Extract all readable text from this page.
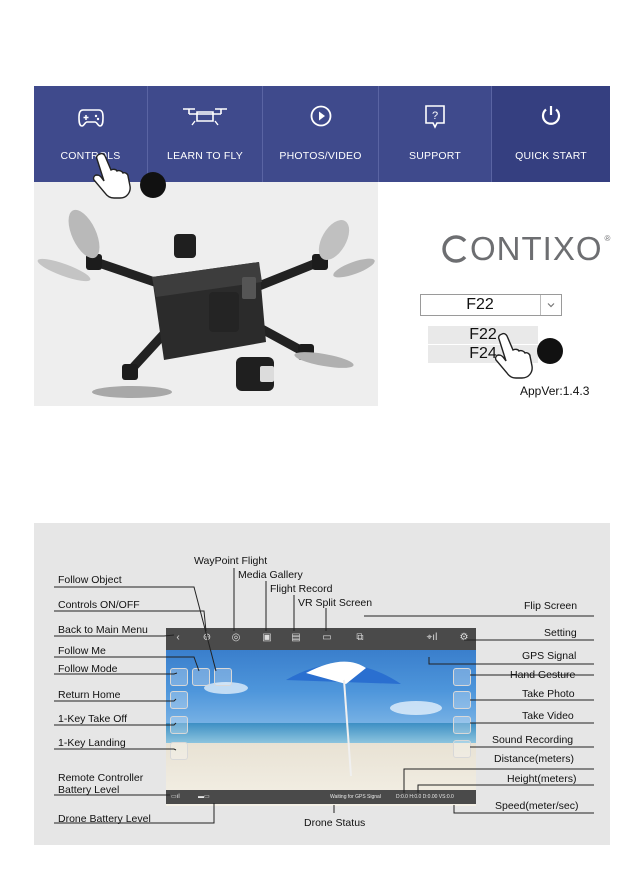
CONTROLS	LEARN TO FLY	PHOTOS/VIDEO
?
SUPPORT	QUICK START
ONTIXO ®
F22
F22
F24
AppVer:1.4.3
‹	⊕ ◎ ▣ ▤ ▭ ⧉	⌖ıl	⚙
▭ıl	▬▭	Waiting for GPS Signal	D:0.0 H:0.0 D:0.00 VS:0.0
WayPoint Flight
Media Gallery
Flight Record
VR Split Screen
Follow Object
Controls ON/OFF
Back to Main Menu
Follow Me
Follow Mode
Return Home
1-Key Take Off
1-Key Landing
Remote Controller
Battery Level
Drone Battery Level	Drone Status
Flip Screen
Setting
GPS Signal
Hand Gesture
Take Photo
Take Video
Sound Recording
Distance(meters)
Height(meters)
Speed(meter/sec)
